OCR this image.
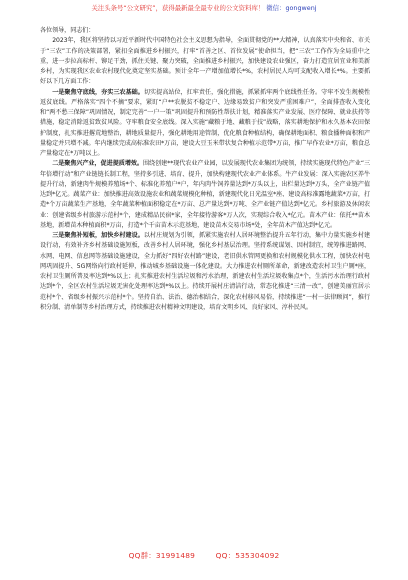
关注头条号“公文研究”，获得最新最全最专业的公文资料库！ 微信：gongwenj

各位领导，同志们：

2023年，我区将坚持以习近平新时代中国特色社会主义思想为指导，全面贯彻党的**大精神，认真落实中央和省、市关于“三农”工作的决策部署，紧扣全面推进乡村振兴，打牢“首善之区、首位发展”使命担当，把“三农”工作作为全局重中之重，进一步拉高标杆、铆足干劲，抓住关键、聚力突破，全面推进乡村振兴，加快建设农业强区，奋力打造宜居宜业和美新乡村，为实现我区农业农村现代化奠定坚实基础。预计全年一产增加值增长*%，农村居民人均可支配收入增长*%。主要抓好以下几方面工作：

一是聚焦守底线，夯实三农基础。切实提高站位，扛牢责任，强化措施，抓紧抓牢两个底线性任务。守牢不发生规模性返贫底线。严格落实“四个不摘”要求，紧盯“户**农脱贫不稳定户、边缘易致贫户和突发严重困难户”，全面排查收入变化和“两不愁三保障”巩固情况，制定完善“一户一策”巩固提升和预防性帮扶计划，精准落实产业发展、医疗保障、就业扶持等措施，稳定消除返贫致贫风险。守牢粮食安全底线。深入实施“藏粮于地、藏粮于技”战略，落实耕地保护和永久基本农田保护制度，扎实推进撂荒地整治，耕地质量提升，强化耕地用途管制，优化粮食种植结构，确保耕地面积、粮食播种面积和产量稳定并只增不减。年内继续完成高标准农田*万亩，建设大豆玉米带状复合种植示范带*万亩，推广早作农业*万亩，粮食总产量稳定在*万吨以上。

二是聚焦兴产业，促进提质增效。围绕创建**现代农业产业园，以发展现代农业集团为统领，持续实施现代特色产业“三年倍增行动”和产业链链长制工程，坚持多引进、培育、提升，加快构建现代农业产业体系。牛产业发展：深入实施农区养牛提升行动，新建肉牛规模养殖场*个、标准化养殖户*户，年内肉牛饲养量达到*万头以上，出栏量达到*万头，全产业链产值达到*亿元。蔬菜产业：加快推进高效设施农业和蔬菜规模化种植，新建现代化日光温室*座、建设高标准露地蔬菜*万亩，打造*个万亩蔬菜生产基地，全年蔬菜种植面积稳定在*万亩、总产量达到*万吨、全产业链产值达到*亿元。乡村旅游及休闲农业：创建省级乡村旅游示范村*个，建成精品民宿*家，全年接待游客*万人次，实现综合收入*亿元。苗木产业：依托**苗木基地，新增苗木种植面积*万亩，打造*个千亩苗木示范基地，建设苗木交易市场*处，全年苗木产值达到*亿元。

三是聚焦补短板，加快乡村建设。以村庄规划为引领，抓紧实施农村人居环境整治提升五年行动，集中力量实施乡村建设行动，有效补齐乡村基础设施短板，改善乡村人居环境，强化乡村基层治理。坚持系统谋划、因村制宜，统筹推进路网、水网、电网、信息网等基础设施建设，全力抓好“四好农村路”建设，老旧供水管网更换和农村规模化供水工程，加快农村电网巩固提升、5G网络向行政村延伸，推动城乡基础设施一体化建设。大力推进农村厕所革命，新建改造农村卫生户厕*座，农村卫生厕所普及率达到*%以上；扎实推进农村生活垃圾和污水治理，新建农村生活垃圾收集点*个，生活污水治理行政村达到*个，全区农村生活垃圾无害化处理率达到*%以上。持续开展村庄清洁行动，常态化推进“三清一改”，创建美丽宜居示范村*个、省级乡村振兴示范村*个。坚持自治、法治、德治相结合，深化农村移风易俗，持续推进“一村一法律顾问”，推行积分制、清单制等乡村治理方式，持续推进农村精神文明建设，培育文明乡风、良好家风、淳朴民风。

QQ群：31991489	QQ：535304092
